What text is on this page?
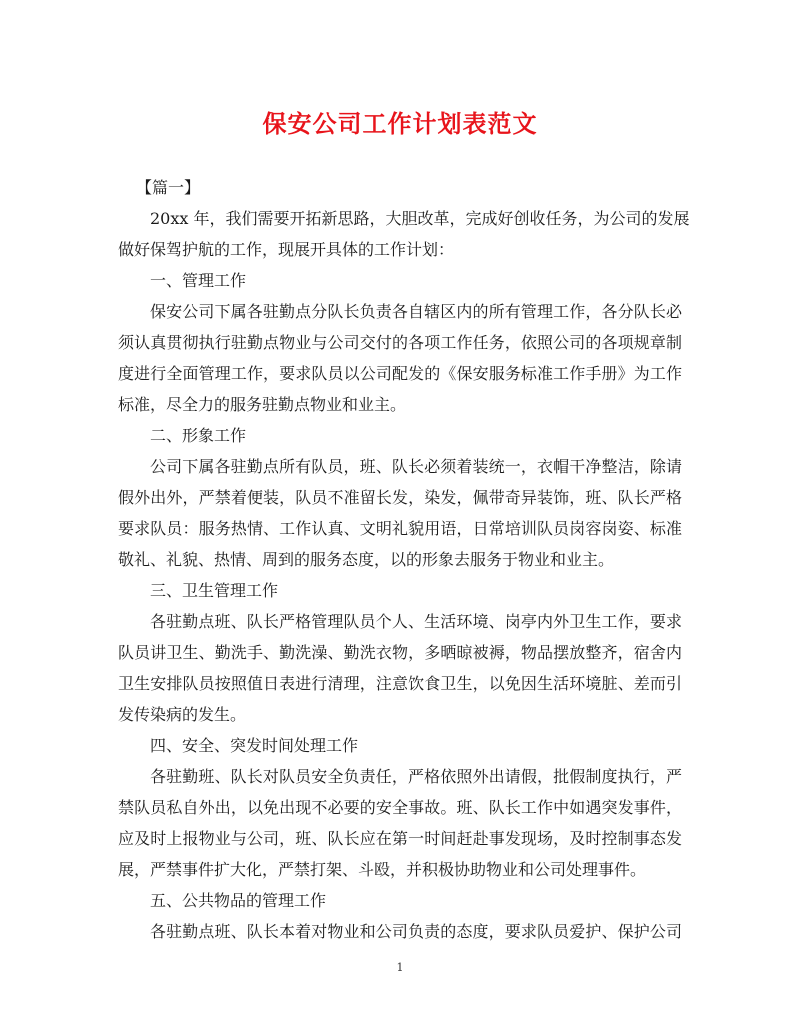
保安公司工作计划表范文
【篇一】
20xx 年，我们需要开拓新思路，大胆改革，完成好创收任务，为公司的发展
做好保驾护航的工作，现展开具体的工作计划：
一、管理工作
保安公司下属各驻勤点分队长负责各自辖区内的所有管理工作，各分队长必
须认真贯彻执行驻勤点物业与公司交付的各项工作任务，依照公司的各项规章制
度进行全面管理工作，要求队员以公司配发的《保安服务标准工作手册》为工作
标准，尽全力的服务驻勤点物业和业主。
二、形象工作
公司下属各驻勤点所有队员，班、队长必须着装统一，衣帽干净整洁，除请
假外出外，严禁着便装，队员不准留长发，染发，佩带奇异装饰，班、队长严格
要求队员：服务热情、工作认真、文明礼貌用语，日常培训队员岗容岗姿、标准
敬礼、礼貌、热情、周到的服务态度，以的形象去服务于物业和业主。
三、卫生管理工作
各驻勤点班、队长严格管理队员个人、生活环境、岗亭内外卫生工作，要求
队员讲卫生、勤洗手、勤洗澡、勤洗衣物，多晒晾被褥，物品摆放整齐，宿舍内
卫生安排队员按照值日表进行清理，注意饮食卫生，以免因生活环境脏、差而引
发传染病的发生。
四、安全、突发时间处理工作
各驻勤班、队长对队员安全负责任，严格依照外出请假，批假制度执行，严
禁队员私自外出，以免出现不必要的安全事故。班、队长工作中如遇突发事件，
应及时上报物业与公司，班、队长应在第一时间赶赴事发现场，及时控制事态发
展，严禁事件扩大化，严禁打架、斗殴，并积极协助物业和公司处理事件。
五、公共物品的管理工作
各驻勤点班、队长本着对物业和公司负责的态度，要求队员爱护、保护公司
1
